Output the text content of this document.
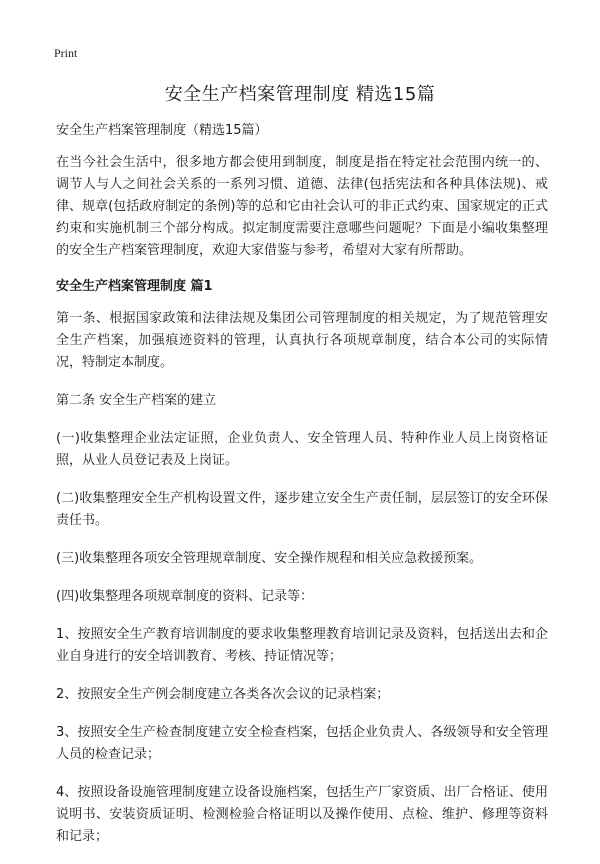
Print
安全生产档案管理制度 精选15篇

安全生产档案管理制度（精选15篇）

在当今社会生活中，很多地方都会使用到制度，制度是指在特定社会范围内统一的、调节人与人之间社会关系的一系列习惯、道德、法律(包括宪法和各种具体法规)、戒律、规章(包括政府制定的条例)等的总和它由社会认可的非正式约束、国家规定的正式约束和实施机制三个部分构成。拟定制度需要注意哪些问题呢？下面是小编收集整理的安全生产档案管理制度，欢迎大家借鉴与参考，希望对大家有所帮助。

安全生产档案管理制度 篇1

第一条、根据国家政策和法律法规及集团公司管理制度的相关规定，为了规范管理安全生产档案，加强痕迹资料的管理，认真执行各项规章制度，结合本公司的实际情况，特制定本制度。

第二条 安全生产档案的建立

(一)收集整理企业法定证照，企业负责人、安全管理人员、特种作业人员上岗资格证照，从业人员登记表及上岗证。

(二)收集整理安全生产机构设置文件，逐步建立安全生产责任制，层层签订的安全环保责任书。

(三)收集整理各项安全管理规章制度、安全操作规程和相关应急救援预案。

(四)收集整理各项规章制度的资料、记录等：

1、按照安全生产教育培训制度的要求收集整理教育培训记录及资料，包括送出去和企业自身进行的安全培训教育、考核、持证情况等；

2、按照安全生产例会制度建立各类各次会议的记录档案；

3、按照安全生产检查制度建立安全检查档案，包括企业负责人、各级领导和安全管理人员的检查记录；

4、按照设备设施管理制度建立设备设施档案，包括生产厂家资质、出厂合格证、使用说明书、安装资质证明、检测检验合格证明以及操作使用、点检、维护、修理等资料和记录；
